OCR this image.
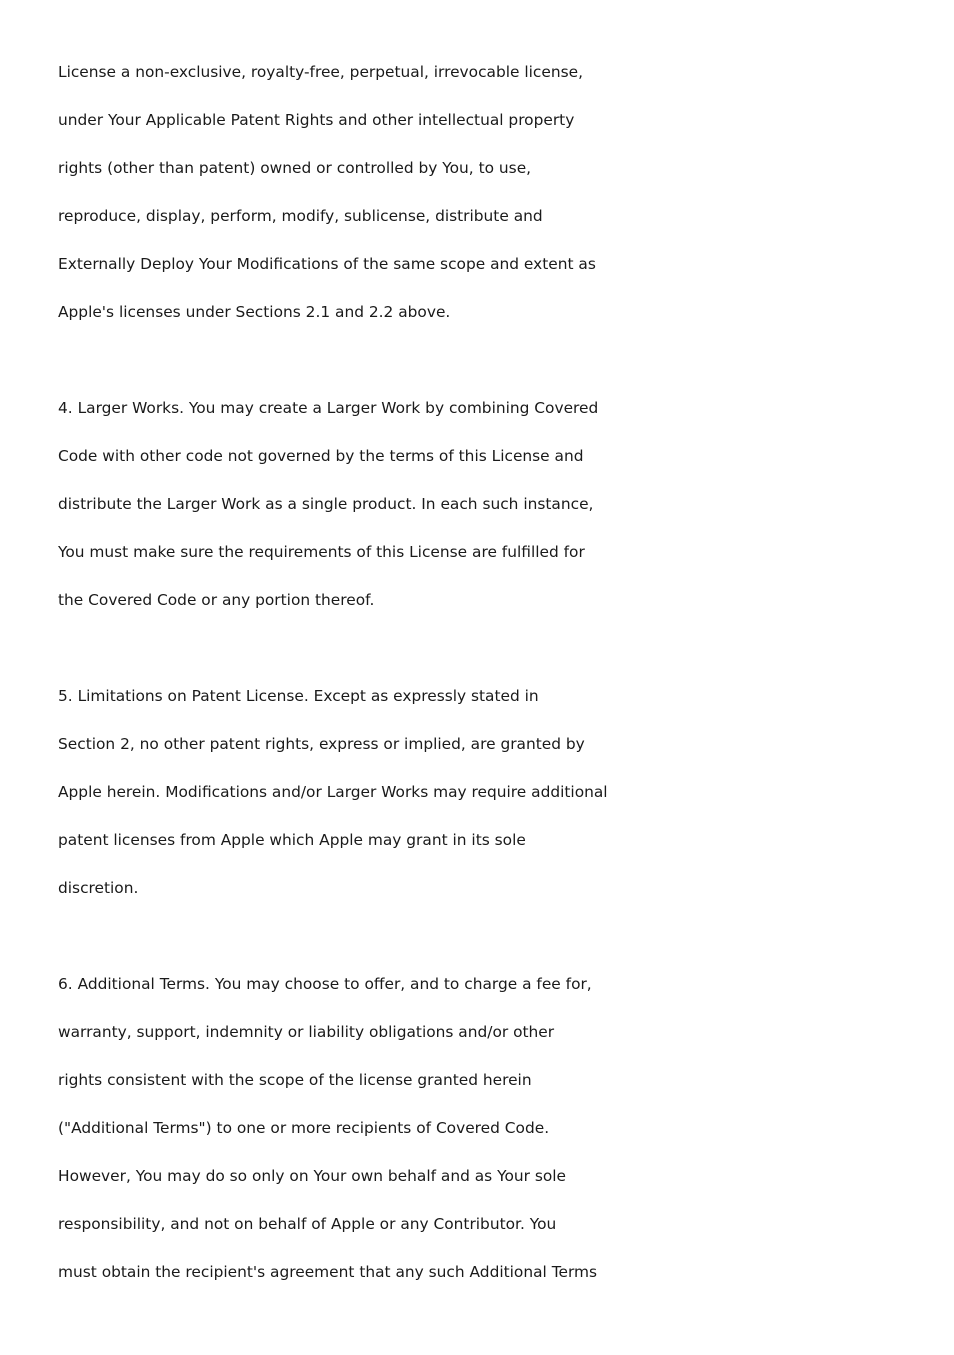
License a non-exclusive, royalty-free, perpetual, irrevocable license,
under Your Applicable Patent Rights and other intellectual property
rights (other than patent) owned or controlled by You, to use,
reproduce, display, perform, modify, sublicense, distribute and
Externally Deploy Your Modifications of the same scope and extent as
Apple's licenses under Sections 2.1 and 2.2 above.
4. Larger Works. You may create a Larger Work by combining Covered
Code with other code not governed by the terms of this License and
distribute the Larger Work as a single product. In each such instance,
You must make sure the requirements of this License are fulfilled for
the Covered Code or any portion thereof.
5. Limitations on Patent License. Except as expressly stated in
Section 2, no other patent rights, express or implied, are granted by
Apple herein. Modifications and/or Larger Works may require additional
patent licenses from Apple which Apple may grant in its sole
discretion.
6. Additional Terms. You may choose to offer, and to charge a fee for,
warranty, support, indemnity or liability obligations and/or other
rights consistent with the scope of the license granted herein
("Additional Terms") to one or more recipients of Covered Code.
However, You may do so only on Your own behalf and as Your sole
responsibility, and not on behalf of Apple or any Contributor. You
must obtain the recipient's agreement that any such Additional Terms
